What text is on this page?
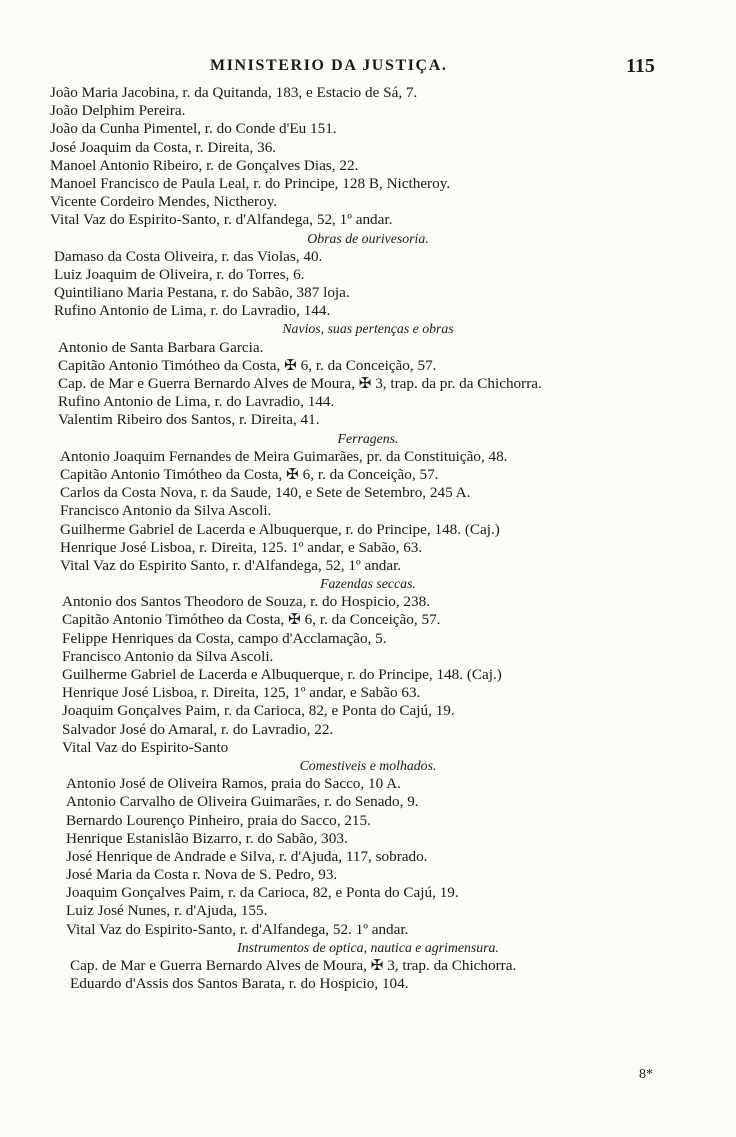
MINISTERIO DA JUSTIÇA.	115
João Maria Jacobina, r. da Quitanda, 183, e Estacio de Sá, 7.
João Delphim Pereira.
João da Cunha Pimentel, r. do Conde d'Eu 151.
José Joaquim da Costa, r. Direita, 36.
Manoel Antonio Ribeiro, r. de Gonçalves Dias, 22.
Manoel Francisco de Paula Leal, r. do Principe, 128 B, Nictheroy.
Vicente Cordeiro Mendes, Nictheroy.
Vital Vaz do Espirito-Santo, r. d'Alfandega, 52, 1º andar.
Obras de ourivesoria.
Damaso da Costa Oliveira, r. das Violas, 40.
Luiz Joaquim de Oliveira, r. do Torres, 6.
Quintiliano Maria Pestana, r. do Sabão, 387 loja.
Rufino Antonio de Lima, r. do Lavradio, 144.
Navios, suas pertenças e obras
Antonio de Santa Barbara Garcia.
Capitão Antonio Timótheo da Costa, ✠ 6, r. da Conceição, 57.
Cap. de Mar e Guerra Bernardo Alves de Moura, ✠ 3, trap. da pr. da Chichorra.
Rufino Antonio de Lima, r. do Lavradio, 144.
Valentim Ribeiro dos Santos, r. Direita, 41.
Ferragens.
Antonio Joaquim Fernandes de Meira Guimarães, pr. da Constituição, 48.
Capitão Antonio Timótheo da Costa, ✠ 6, r. da Conceição, 57.
Carlos da Costa Nova, r. da Saude, 140, e Sete de Setembro, 245 A.
Francisco Antonio da Silva Ascoli.
Guilherme Gabriel de Lacerda e Albuquerque, r. do Principe, 148. (Caj.)
Henrique José Lisboa, r. Direita, 125. 1º andar, e Sabão, 63.
Vital Vaz do Espirito Santo, r. d'Alfandega, 52, 1º andar.
Fazendas seccas.
Antonio dos Santos Theodoro de Souza, r. do Hospicio, 238.
Capitão Antonio Timótheo da Costa, ✠ 6, r. da Conceição, 57.
Felippe Henriques da Costa, campo d'Acclamação, 5.
Francisco Antonio da Silva Ascoli.
Guilherme Gabriel de Lacerda e Albuquerque, r. do Principe, 148. (Caj.)
Henrique José Lisboa, r. Direita, 125, 1º andar, e Sabão 63.
Joaquim Gonçalves Paim, r. da Carioca, 82, e Ponta do Cajú, 19.
Salvador José do Amaral, r. do Lavradio, 22.
Vital Vaz do Espirito-Santo
Comestiveis e molhados.
Antonio José de Oliveira Ramos, praia do Sacco, 10 A.
Antonio Carvalho de Oliveira Guimarães, r. do Senado, 9.
Bernardo Lourenço Pinheiro, praia do Sacco, 215.
Henrique Estanislão Bizarro, r. do Sabão, 303.
José Henrique de Andrade e Silva, r. d'Ajuda, 117, sobrado.
José Maria da Costa r. Nova de S. Pedro, 93.
Joaquim Gonçalves Paim, r. da Carioca, 82, e Ponta do Cajú, 19.
Luiz José Nunes, r. d'Ajuda, 155.
Vital Vaz do Espirito-Santo, r. d'Alfandega, 52. 1º andar.
Instrumentos de optica, nautica e agrimensura.
Cap. de Mar e Guerra Bernardo Alves de Moura, ✠ 3, trap. da Chichorra.
Eduardo d'Assis dos Santos Barata, r. do Hospicio, 104.
8*
